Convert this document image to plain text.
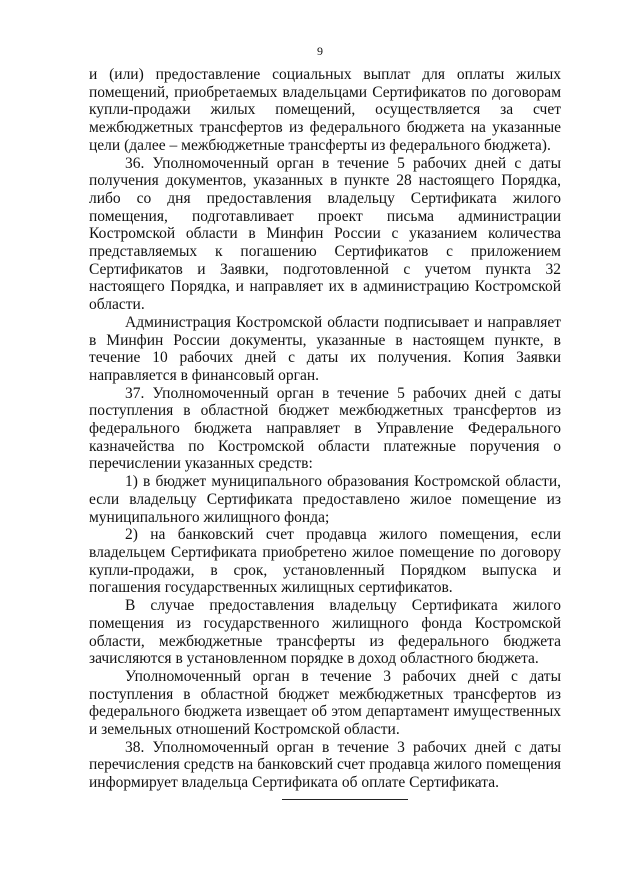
9

и (или) предоставление социальных выплат для оплаты жилых помещений, приобретаемых владельцами Сертификатов по договорам купли-продажи жилых помещений, осуществляется за счет межбюджетных трансфертов из федерального бюджета на указанные цели (далее – межбюджетные трансферты из федерального бюджета).

36. Уполномоченный орган в течение 5 рабочих дней с даты получения документов, указанных в пункте 28 настоящего Порядка, либо со дня предоставления владельцу Сертификата жилого помещения, подготавливает проект письма администрации Костромской области в Минфин России с указанием количества представляемых к погашению Сертификатов с приложением Сертификатов и Заявки, подготовленной с учетом пункта 32 настоящего Порядка, и направляет их в администрацию Костромской области.

Администрация Костромской области подписывает и направляет в Минфин России документы, указанные в настоящем пункте, в течение 10 рабочих дней с даты их получения. Копия Заявки направляется в финансовый орган.

37. Уполномоченный орган в течение 5 рабочих дней с даты поступления в областной бюджет межбюджетных трансфертов из федерального бюджета направляет в Управление Федерального казначейства по Костромской области платежные поручения о перечислении указанных средств:

1) в бюджет муниципального образования Костромской области, если владельцу Сертификата предоставлено жилое помещение из муниципального жилищного фонда;

2) на банковский счет продавца жилого помещения, если владельцем Сертификата приобретено жилое помещение по договору купли-продажи, в срок, установленный Порядком выпуска и погашения государственных жилищных сертификатов.

В случае предоставления владельцу Сертификата жилого помещения из государственного жилищного фонда Костромской области, межбюджетные трансферты из федерального бюджета зачисляются в установленном порядке в доход областного бюджета.

Уполномоченный орган в течение 3 рабочих дней с даты поступления в областной бюджет межбюджетных трансфертов из федерального бюджета извещает об этом департамент имущественных и земельных отношений Костромской области.

38. Уполномоченный орган в течение 3 рабочих дней с даты перечисления средств на банковский счет продавца жилого помещения информирует владельца Сертификата об оплате Сертификата.
